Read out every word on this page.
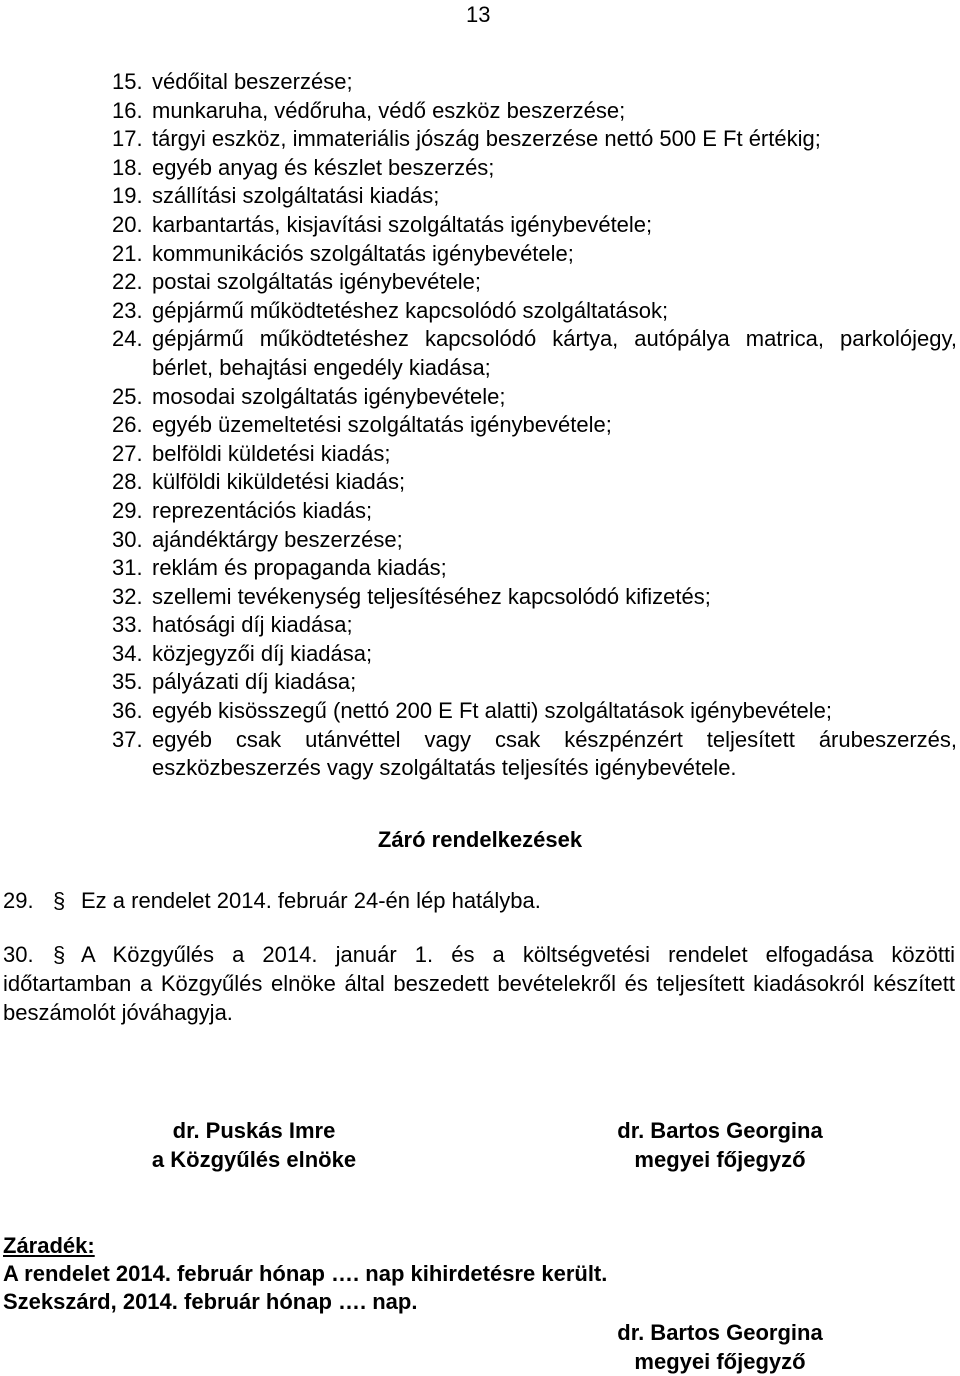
13
15. védőital beszerzése;
16. munkaruha, védőruha, védő eszköz beszerzése;
17. tárgyi eszköz, immateriális jószág beszerzése nettó 500 E Ft értékig;
18. egyéb anyag és készlet beszerzés;
19. szállítási szolgáltatási kiadás;
20. karbantartás, kisjavítási szolgáltatás igénybevétele;
21. kommunikációs szolgáltatás igénybevétele;
22. postai szolgáltatás igénybevétele;
23. gépjármű működtetéshez kapcsolódó szolgáltatások;
24. gépjármű működtetéshez kapcsolódó kártya, autópálya matrica, parkolójegy, bérlet, behajtási engedély kiadása;
25. mosodai szolgáltatás igénybevétele;
26. egyéb üzemeltetési szolgáltatás igénybevétele;
27. belföldi küldetési kiadás;
28. külföldi kiküldetési kiadás;
29. reprezentációs kiadás;
30. ajándéktárgy beszerzése;
31. reklám és propaganda kiadás;
32. szellemi tevékenység teljesítéséhez kapcsolódó kifizetés;
33. hatósági díj kiadása;
34. közjegyzői díj kiadása;
35. pályázati díj kiadása;
36. egyéb kisösszegű (nettó 200 E Ft alatti) szolgáltatások igénybevétele;
37. egyéb csak utánvéttel vagy csak készpénzért teljesített árubeszerzés, eszközbeszerzés vagy szolgáltatás teljesítés igénybevétele.
Záró rendelkezések
29. § Ez a rendelet 2014. február 24-én lép hatályba.
30. § A Közgyűlés a 2014. január 1. és a költségvetési rendelet elfogadása közötti időtartamban a Közgyűlés elnöke által beszedett bevételekről és teljesített kiadásokról készített beszámolót jóváhagyja.
dr. Puskás Imre
a Közgyűlés elnöke
dr. Bartos Georgina
megyei főjegyző
Záradék:
A rendelet 2014. február hónap …. nap kihirdetésre került.
Szekszárd, 2014. február hónap …. nap.
dr. Bartos Georgina
megyei főjegyző
